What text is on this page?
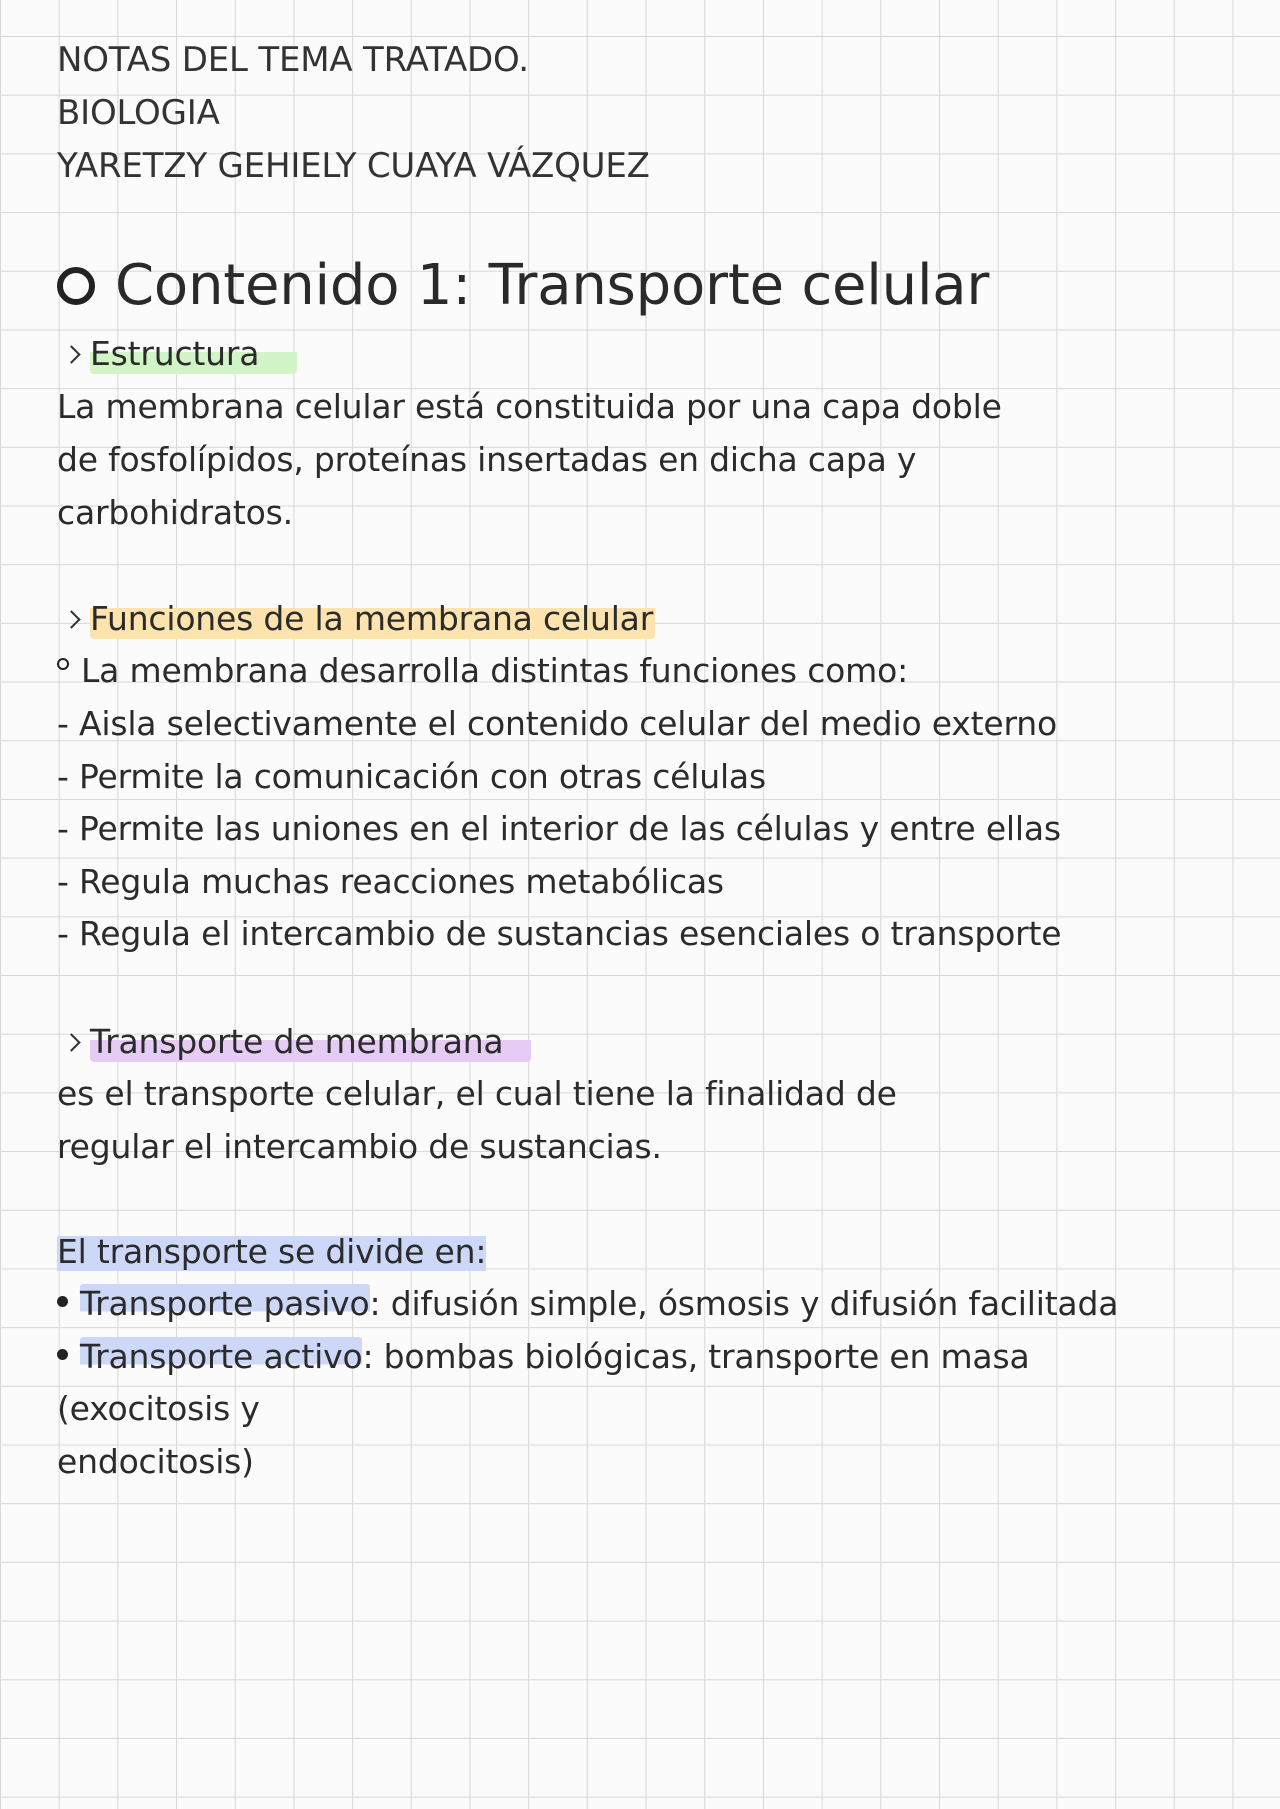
NOTAS DEL TEMA TRATADO.
BIOLOGIA
YARETZY GEHIELY CUAYA VÁZQUEZ
Contenido 1: Transporte celular
Estructura
La membrana celular está constituida por una capa doble
de fosfolípidos, proteínas insertadas en dicha capa y
carbohidratos.
Funciones de la membrana celular
La membrana desarrolla distintas funciones como:
- Aisla selectivamente el contenido celular del medio externo
- Permite la comunicación con otras células
- Permite las uniones en el interior de las células y entre ellas
- Regula muchas reacciones metabólicas
- Regula el intercambio de sustancias esenciales o transporte
Transporte de membrana
es el transporte celular, el cual tiene la finalidad de
regular el intercambio de sustancias.
El transporte se divide en:
Transporte pasivo: difusión simple, ósmosis y difusión facilitada
Transporte activo: bombas biológicas, transporte en masa
(exocitosis y
endocitosis)
